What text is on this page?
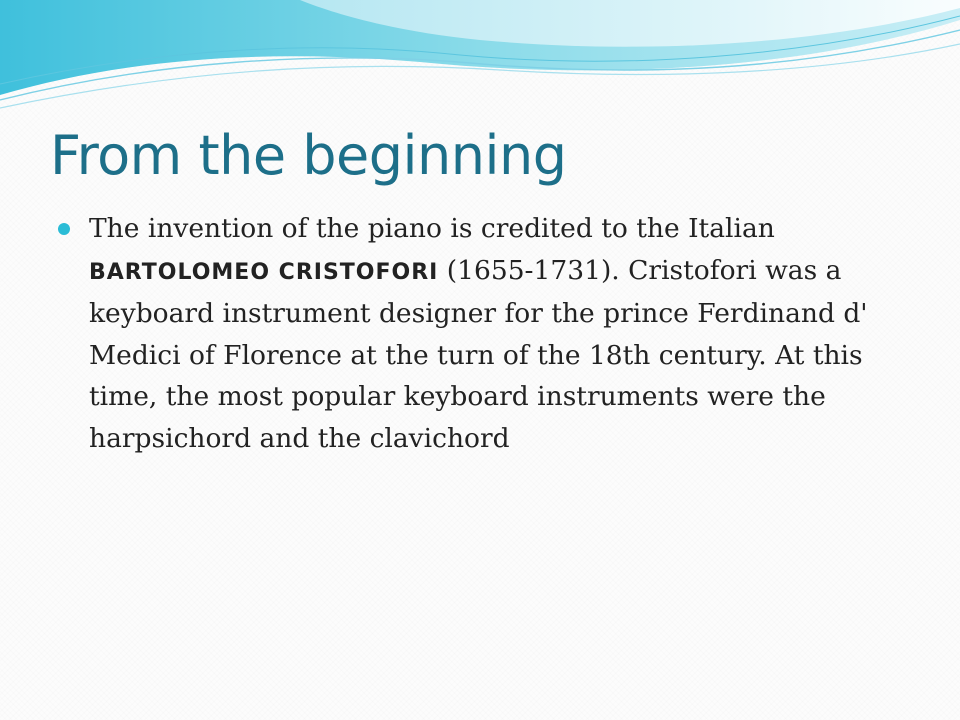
From the beginning
The invention of the piano is credited to the Italian BARTOLOMEO CRISTOFORI (1655-1731). Cristofori was a keyboard instrument designer for the prince Ferdinand d' Medici of Florence at the turn of the 18th century. At this time, the most popular keyboard instruments were the harpsichord and the clavichord
